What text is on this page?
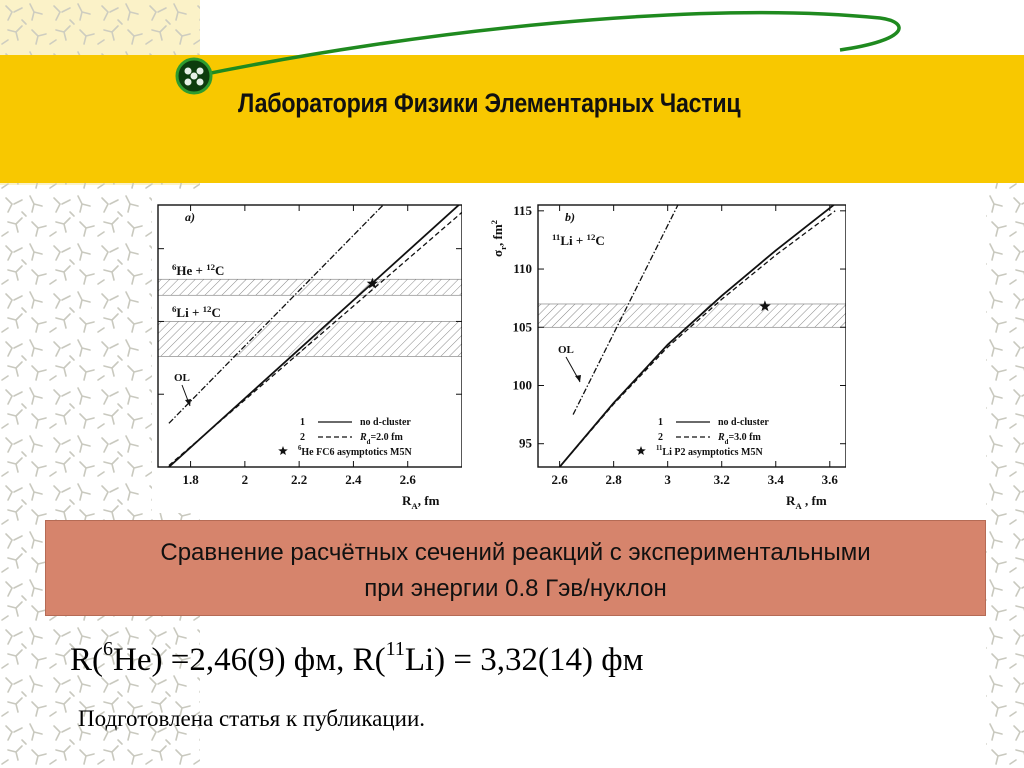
Лаборатория Физики Элементарных Частиц
1.8	2	2.2	2.4	2.6
$R_A$, fm
a)
$^6$He + $^{12}$C
$^6$Li + $^{12}$C
OL
1	no d-cluster
2	$R_d=2.0$ fm
$^6$He FC6 asymptotics M5N
2.6	2.8	3	3.2	3.4	3.6
95
100
105
110
115
$R_A$ , fm
$\sigma_r$, $fm^2$	b)
$^{11}$Li + $^{12}$C
OL
1	no d-cluster
2	$R_d=3.0$ fm
$^{11}$Li P2 asymptotics M5N
Сравнение расчётных сечений реакций с экспериментальными
при энергии 0.8 Гэв/нуклон
R($^6$He) =2,46(9) фм, R($^{11}$Li) = 3,32(14) фм
Подготовлена статья к публикации.
